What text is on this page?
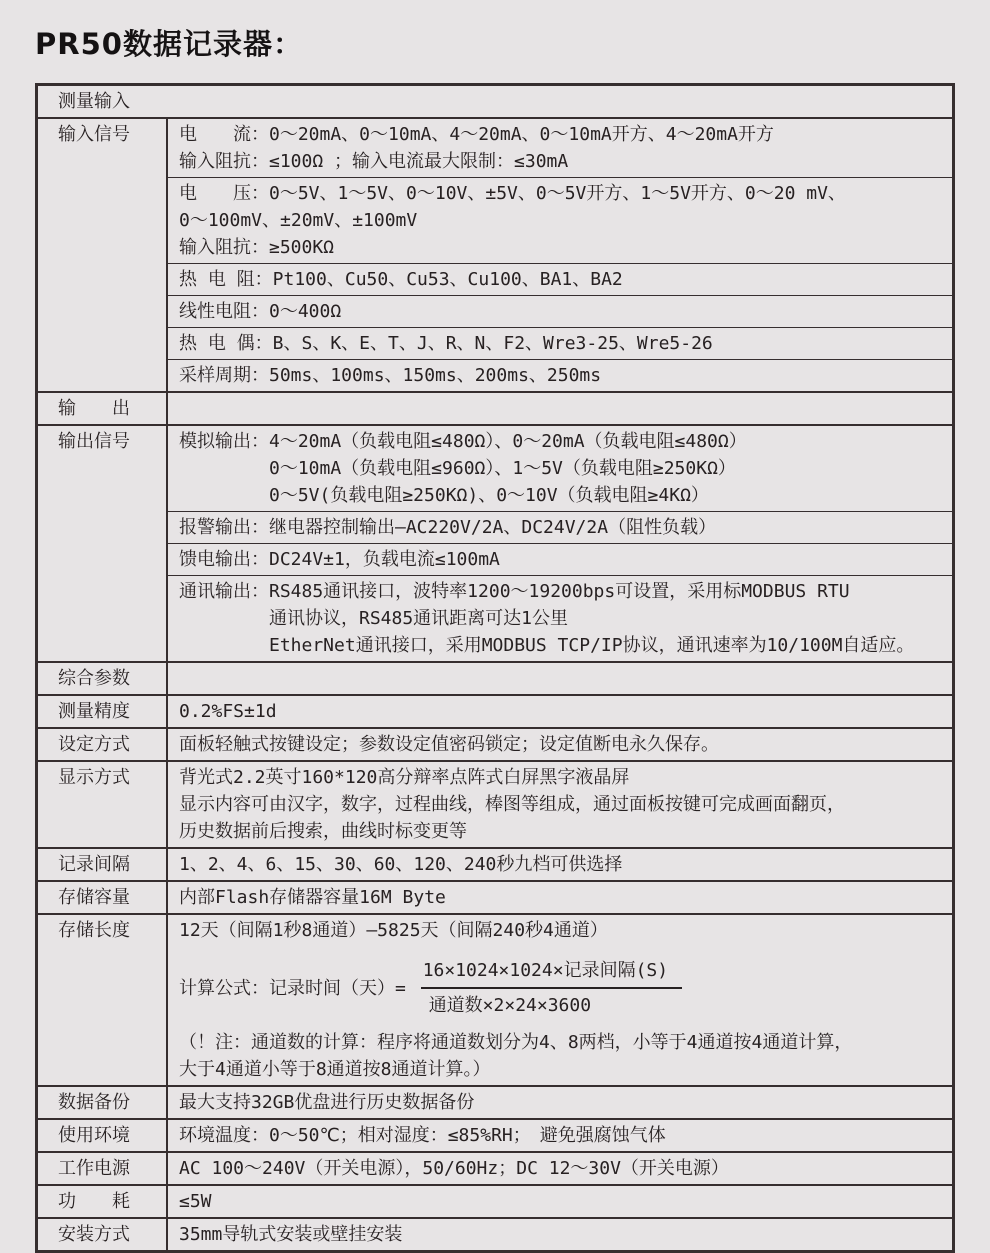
PR50数据记录器：
测量输入
输入信号	电　　流：0～20mA、0～10mA、4～20mA、0～10mA开方、4～20mA开方
输入阻抗：≤100Ω ；输入电流最大限制：≤30mA
电　　压：0～5V、1～5V、0～10V、±5V、0～5V开方、1～5V开方、0～20 mV、
0～100mV、±20mV、±100mV
输入阻抗：≥500KΩ
热 电 阻：Pt100、Cu50、Cu53、Cu100、BA1、BA2
线性电阻：0～400Ω
热 电 偶：B、S、K、E、T、J、R、N、F2、Wre3-25、Wre5-26
采样周期：50ms、100ms、150ms、200ms、250ms
输　　出
输出信号	模拟输出：4～20mA（负载电阻≤480Ω）、0～20mA（负载电阻≤480Ω）
0～10mA（负载电阻≤960Ω）、1～5V（负载电阻≥250KΩ）
0～5V(负载电阻≥250KΩ)、0～10V（负载电阻≥4KΩ）
报警输出：继电器控制输出—AC220V/2A、DC24V/2A（阻性负载）
馈电输出：DC24V±1，负载电流≤100mA
通讯输出：RS485通讯接口，波特率1200～19200bps可设置，采用标MODBUS RTU
通讯协议，RS485通讯距离可达1公里
EtherNet通讯接口，采用MODBUS TCP/IP协议，通讯速率为10/100M自适应。
综合参数
测量精度	0.2%FS±1d
设定方式	面板轻触式按键设定；参数设定值密码锁定；设定值断电永久保存。
显示方式	背光式2.2英寸160*120高分辩率点阵式白屏黑字液晶屏
显示内容可由汉字，数字，过程曲线，棒图等组成，通过面板按键可完成画面翻页，
历史数据前后搜索，曲线时标变更等
记录间隔	1、2、4、6、15、30、60、120、240秒九档可供选择
存储容量	内部Flash存储器容量16M Byte
存储长度	12天（间隔1秒8通道）—5825天（间隔240秒4通道）
计算公式：记录时间（天）= $\frac{\text{16×1024×1024×记录间隔(S)}}{\text{通道数×2×24×3600}}$
（！注：通道数的计算：程序将通道数划分为4、8两档，小等于4通道按4通道计算，
大于4通道小等于8通道按8通道计算。）
数据备份	最大支持32GB优盘进行历史数据备份
使用环境	环境温度：0～50℃；相对湿度：≤85%RH；　避免强腐蚀气体
工作电源	AC 100～240V（开关电源），50/60Hz；DC 12～30V（开关电源）
功　　耗	≤5W
安装方式	35mm导轨式安装或壁挂安装
